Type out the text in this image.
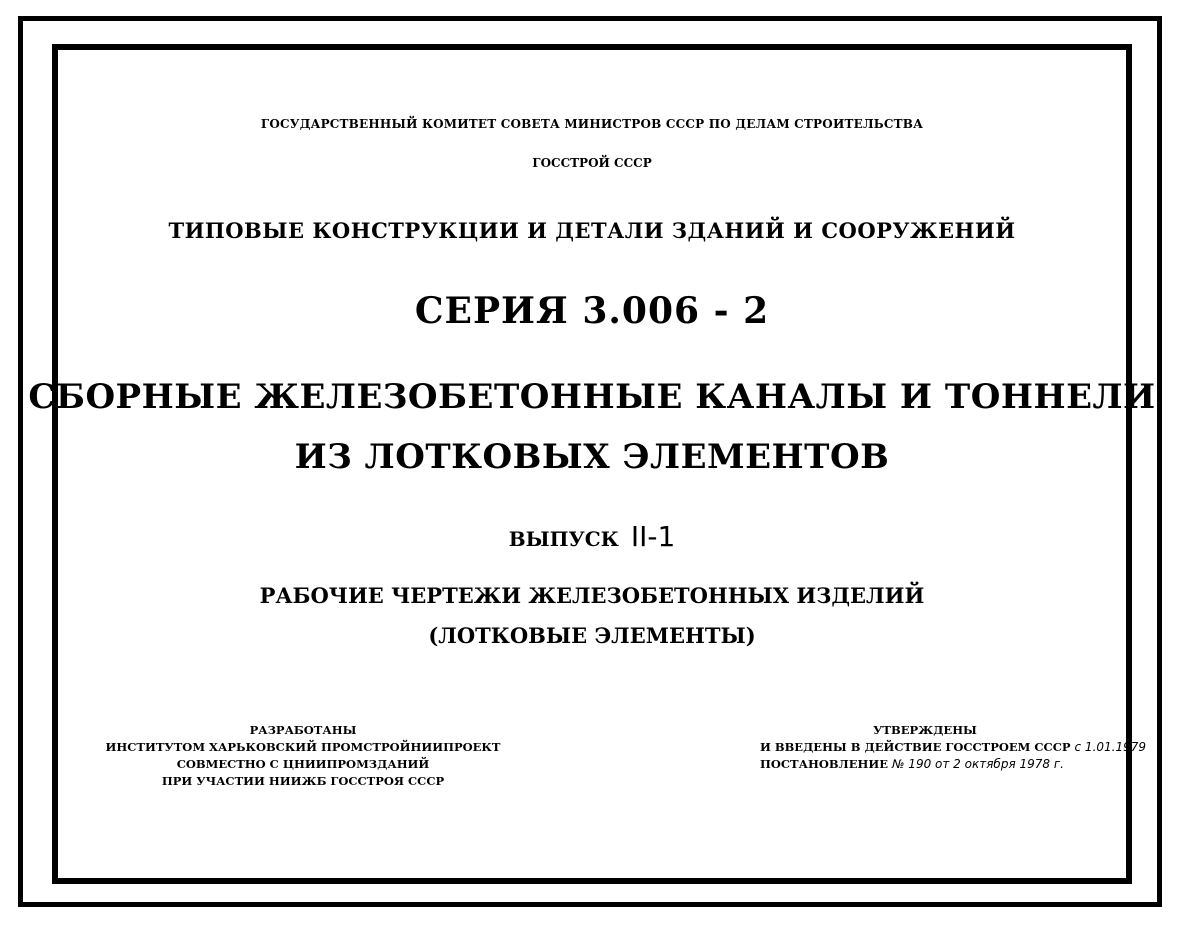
ГОСУДАРСТВЕННЫЙ КОМИТЕТ СОВЕТА МИНИСТРОВ СССР ПО ДЕЛАМ СТРОИТЕЛЬСТВА
ГОССТРОЙ СССР
ТИПОВЫЕ КОНСТРУКЦИИ И ДЕТАЛИ ЗДАНИЙ И СООРУЖЕНИЙ
СЕРИЯ 3.006 - 2
СБОРНЫЕ ЖЕЛЕЗОБЕТОННЫЕ КАНАЛЫ И ТОННЕЛИ
ИЗ ЛОТКОВЫХ ЭЛЕМЕНТОВ
ВЫПУСК II-1
РАБОЧИЕ ЧЕРТЕЖИ ЖЕЛЕЗОБЕТОННЫХ ИЗДЕЛИЙ
(ЛОТКОВЫЕ ЭЛЕМЕНТЫ)
РАЗРАБОТАНЫ
ИНСТИТУТОМ ХАРЬКОВСКИЙ ПРОМСТРОЙНИИПРОЕКТ
СОВМЕСТНО С ЦНИИПРОМЗДАНИЙ
ПРИ УЧАСТИИ НИИЖБ ГОССТРОЯ СССР
УТВЕРЖДЕНЫ
И ВВЕДЕНЫ В ДЕЙСТВИЕ ГОССТРОЕМ СССР с 1.01.1979
ПОСТАНОВЛЕНИЕ № 190 от 2 октября 1978 г.
